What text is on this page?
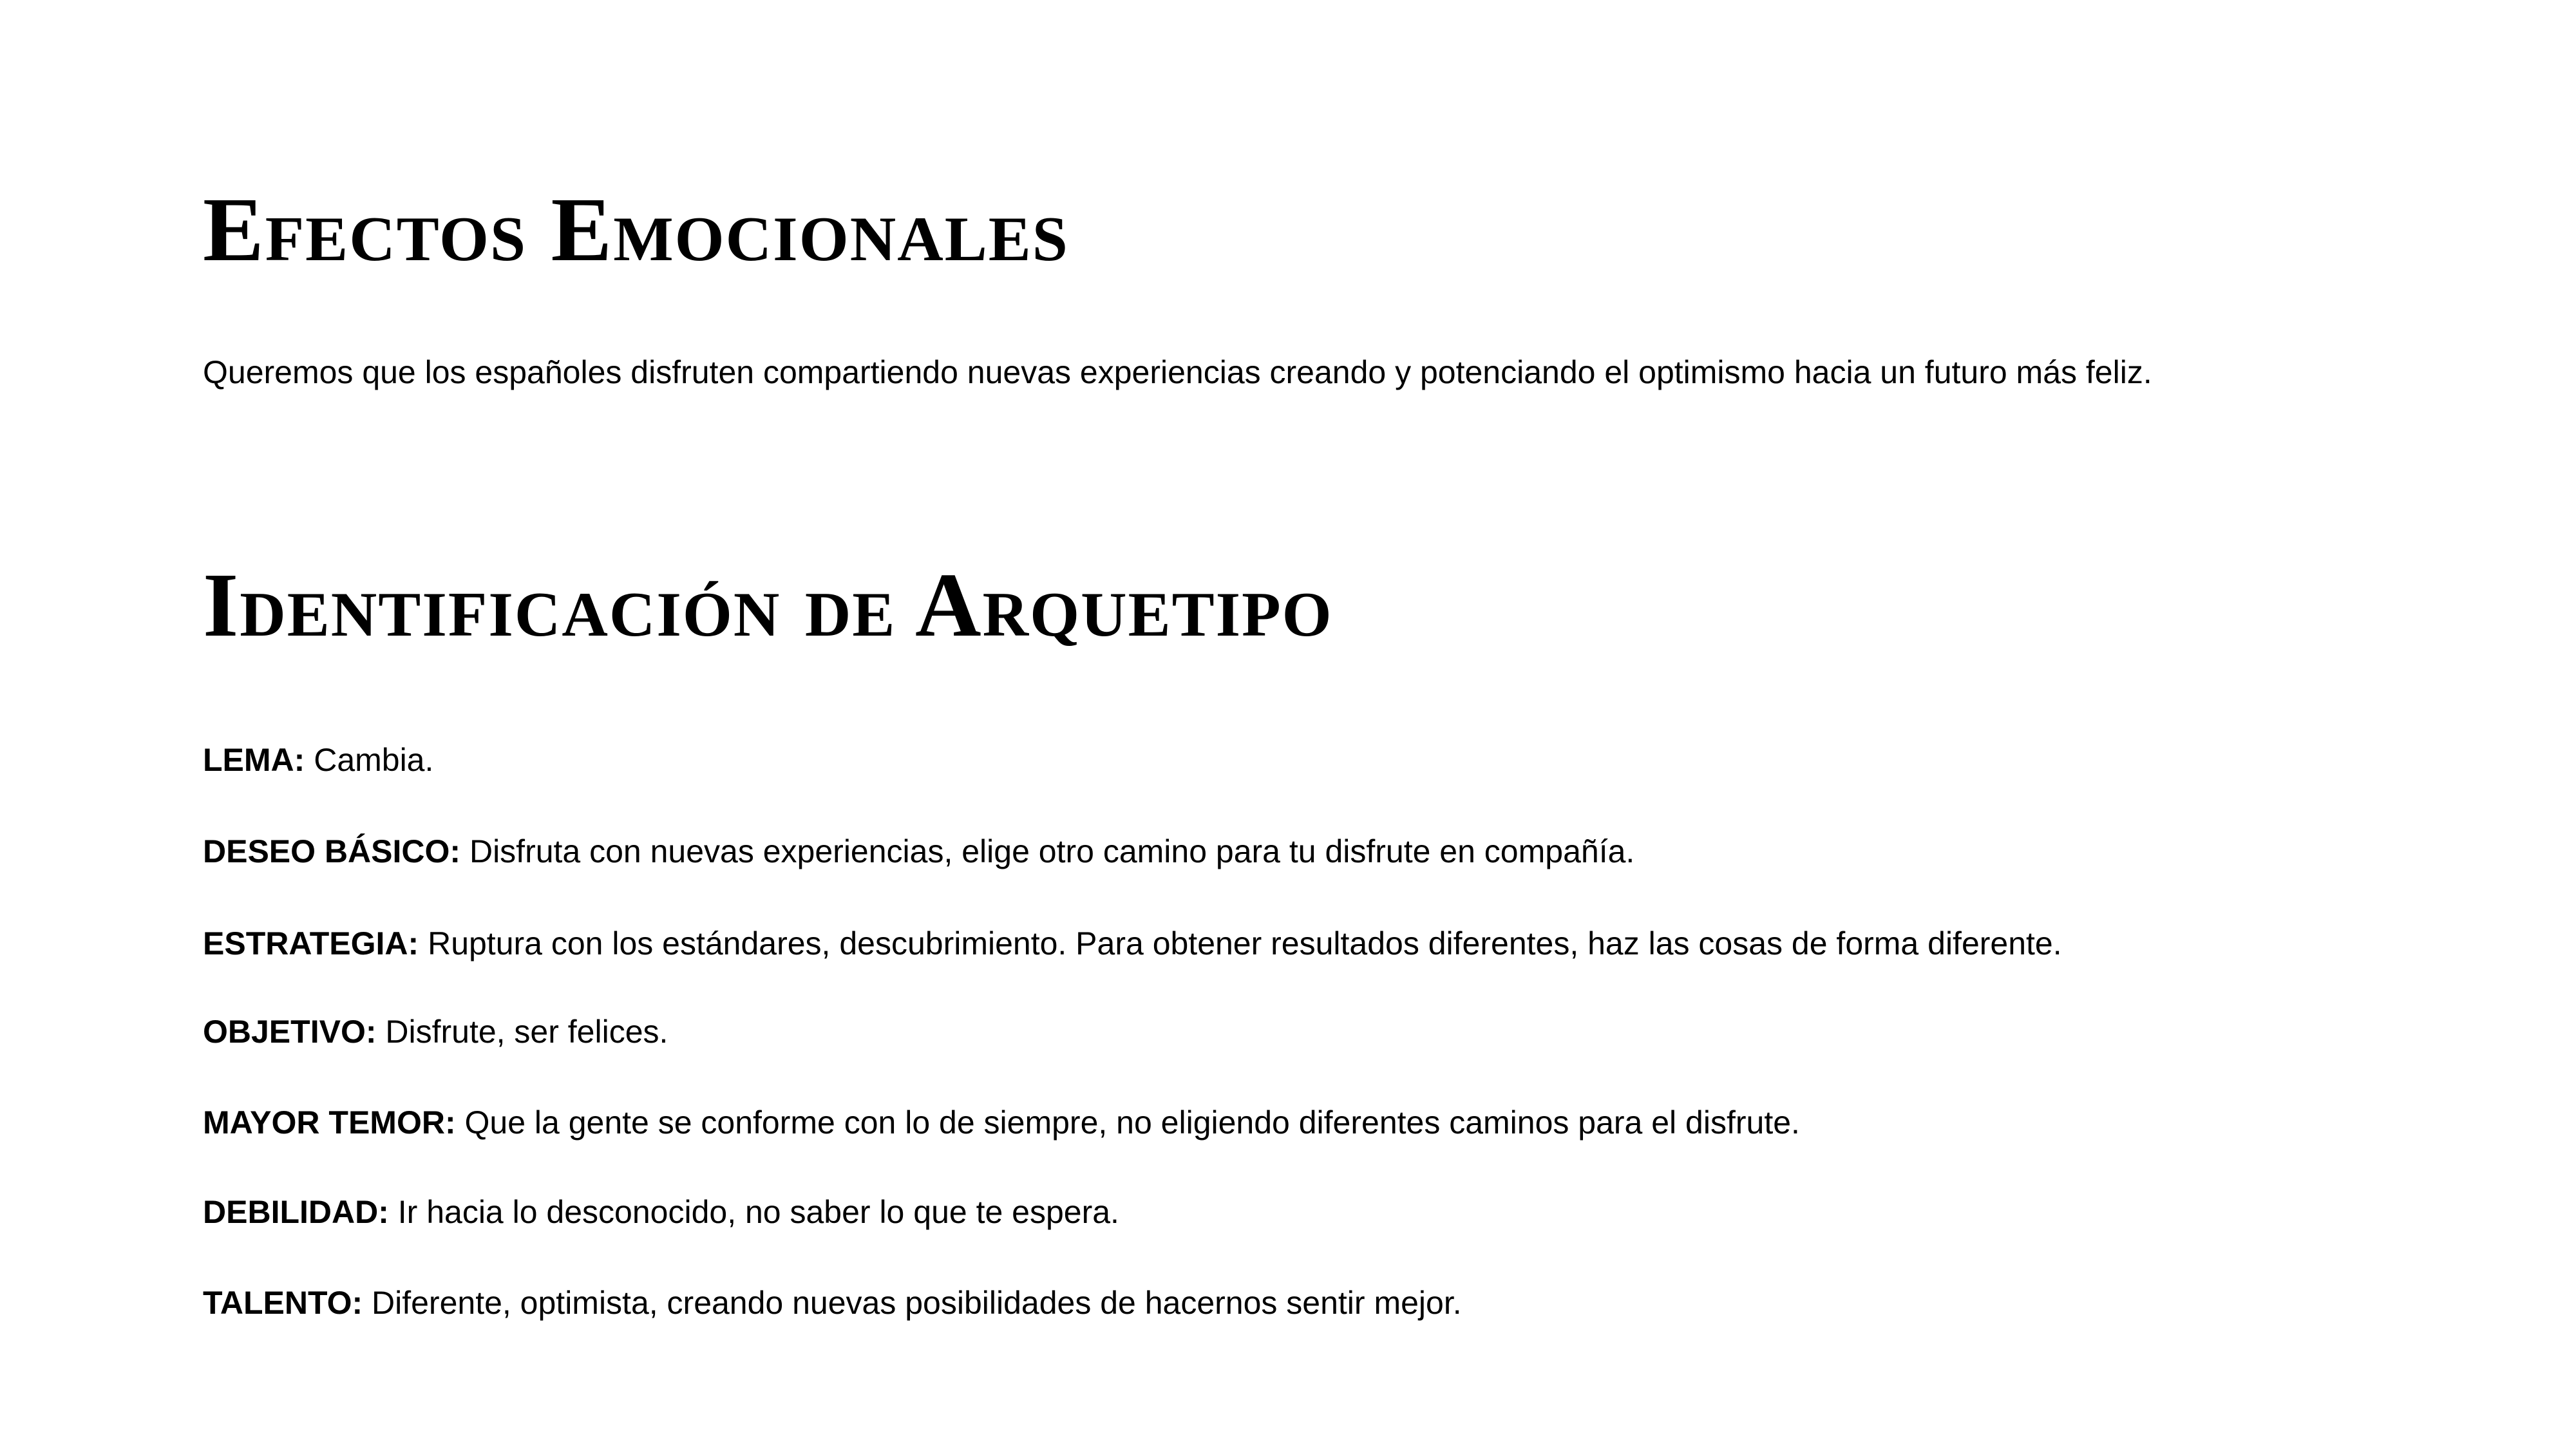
Efectos Emocionales

Queremos que los españoles disfruten compartiendo nuevas experiencias creando y potenciando el optimismo hacia un futuro más feliz.

Identificación de Arquetipo

LEMA: Cambia.

DESEO BÁSICO: Disfruta con nuevas experiencias, elige otro camino para tu disfrute en compañía.

ESTRATEGIA: Ruptura con los estándares, descubrimiento. Para obtener resultados diferentes, haz las cosas de forma diferente.

OBJETIVO: Disfrute, ser felices.

MAYOR TEMOR: Que la gente se conforme con lo de siempre, no eligiendo diferentes caminos para el disfrute.

DEBILIDAD: Ir hacia lo desconocido, no saber lo que te espera.

TALENTO: Diferente, optimista, creando nuevas posibilidades de hacernos sentir mejor.
